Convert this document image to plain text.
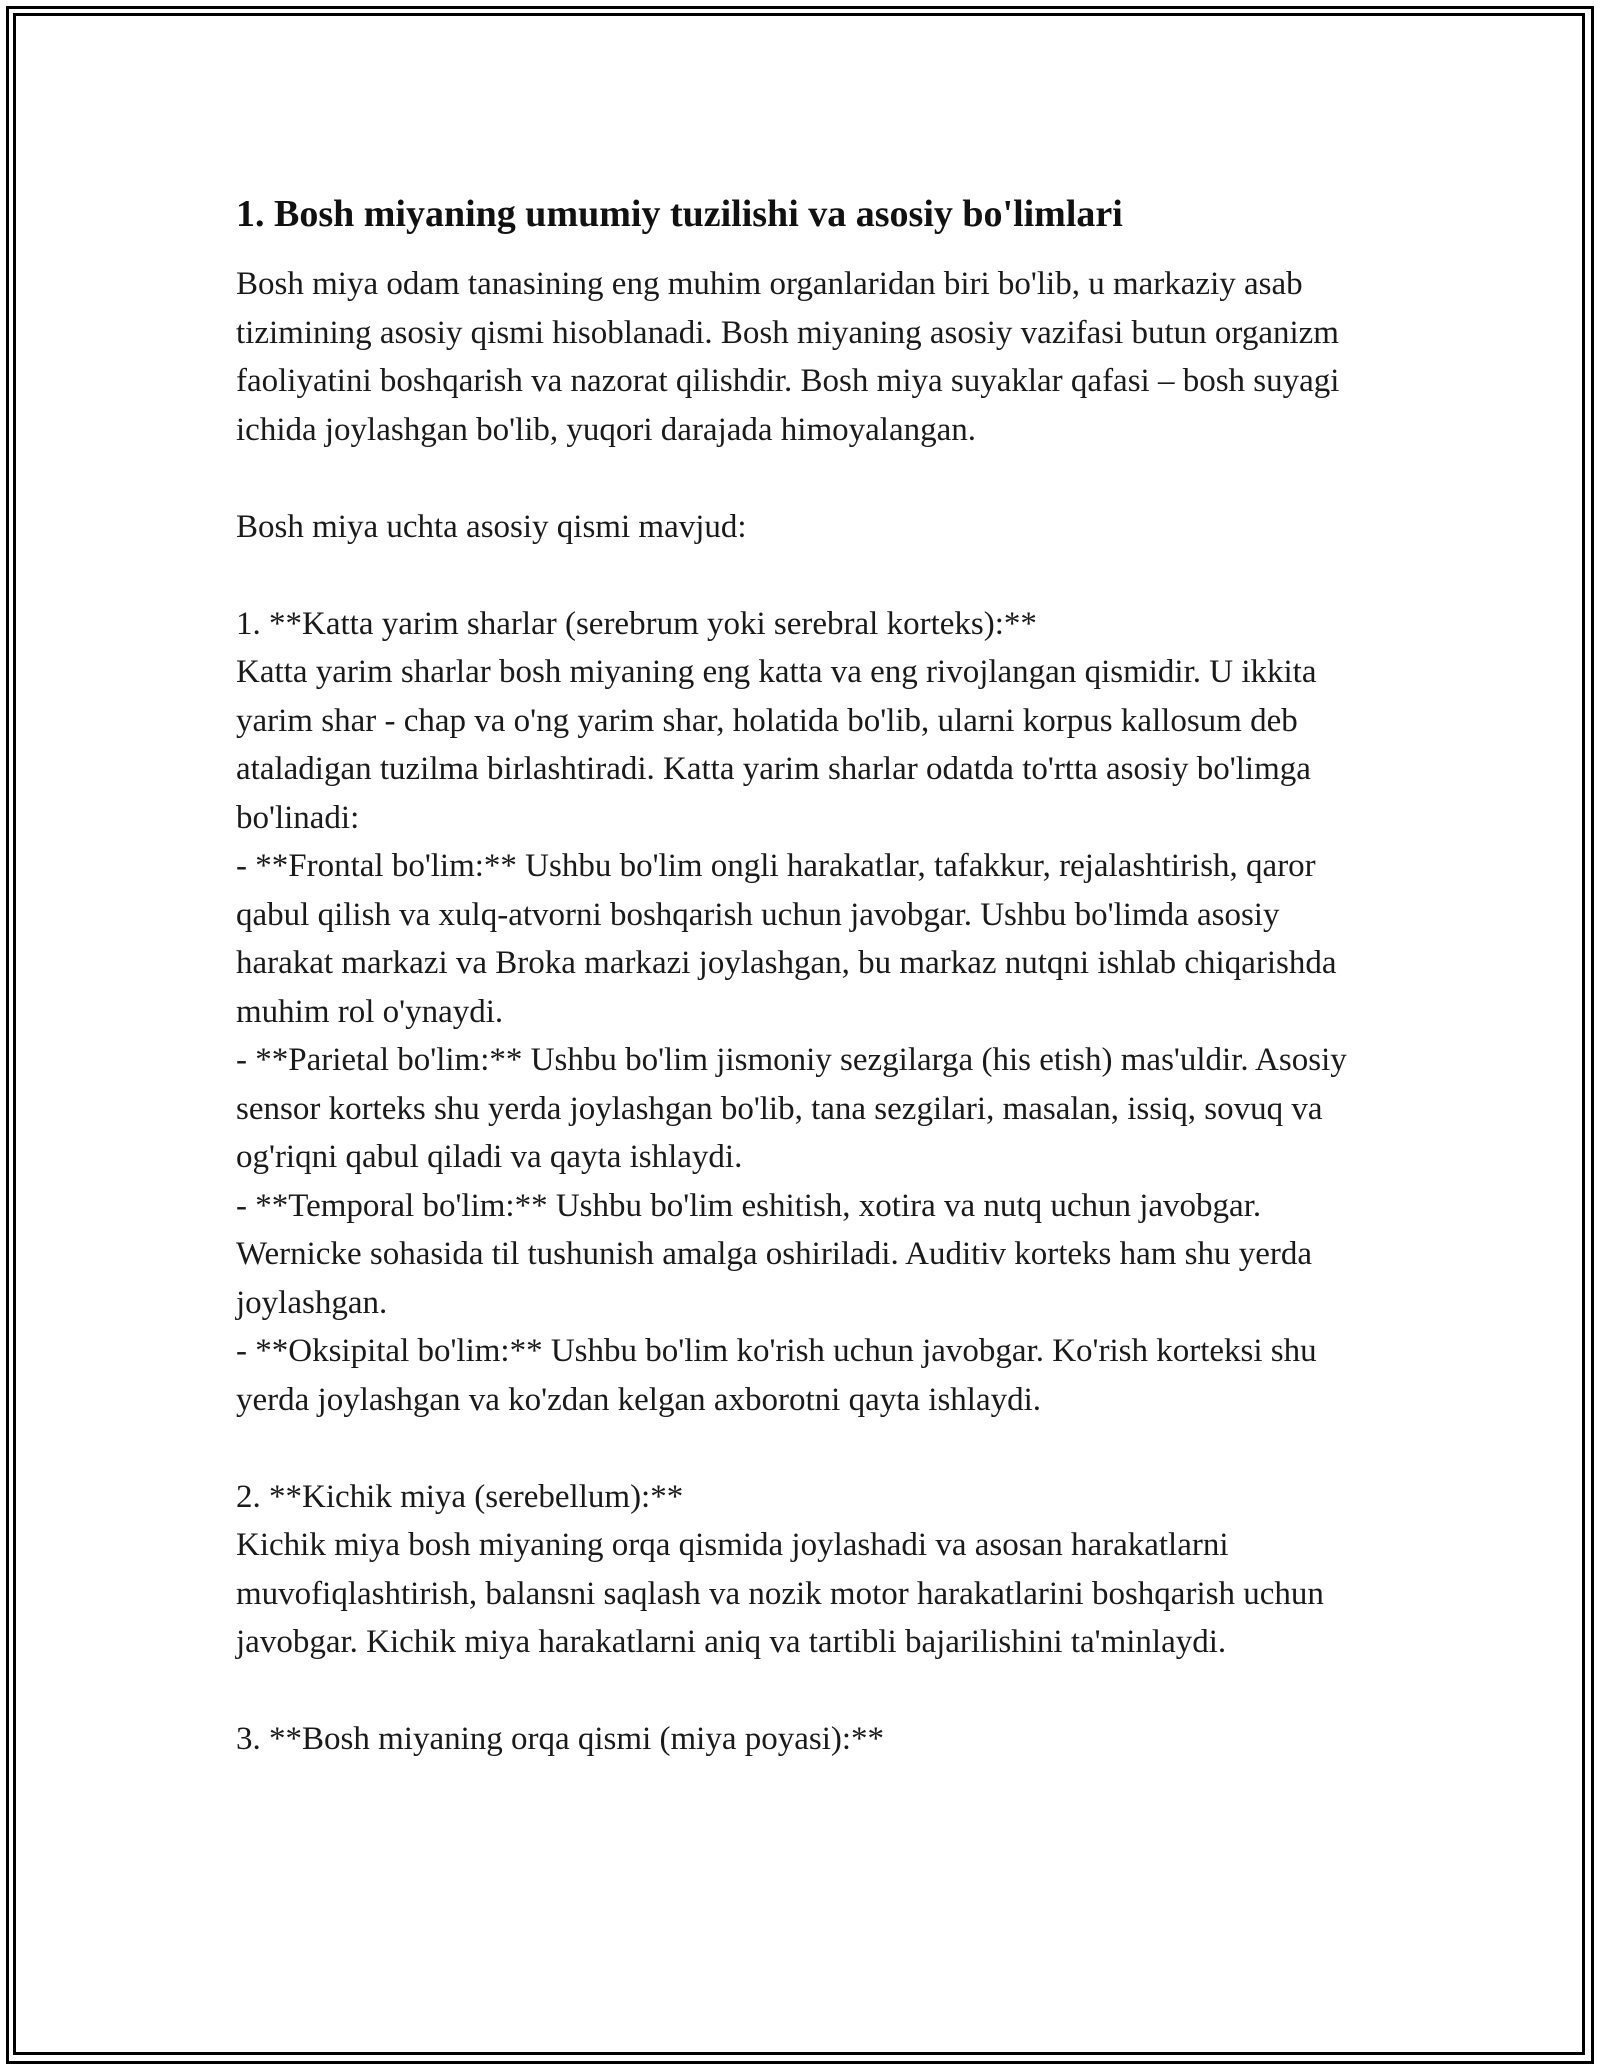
1. Bosh miyaning umumiy tuzilishi va asosiy bo'limlari

Bosh miya odam tanasining eng muhim organlaridan biri bo'lib, u markaziy asab tizimining asosiy qismi hisoblanadi. Bosh miyaning asosiy vazifasi butun organizm faoliyatini boshqarish va nazorat qilishdir. Bosh miya suyaklar qafasi – bosh suyagi ichida joylashgan bo'lib, yuqori darajada himoyalangan.

Bosh miya uchta asosiy qismi mavjud:

1. **Katta yarim sharlar (serebrum yoki serebral korteks):**

Katta yarim sharlar bosh miyaning eng katta va eng rivojlangan qismidir. U ikkita yarim shar - chap va o'ng yarim shar, holatida bo'lib, ularni korpus kallosum deb ataladigan tuzilma birlashtiradi. Katta yarim sharlar odatda to'rtta asosiy bo'limga bo'linadi:

- **Frontal bo'lim:** Ushbu bo'lim ongli harakatlar, tafakkur, rejalashtirish, qaror qabul qilish va xulq-atvorni boshqarish uchun javobgar. Ushbu bo'limda asosiy harakat markazi va Broka markazi joylashgan, bu markaz nutqni ishlab chiqarishda muhim rol o'ynaydi.

- **Parietal bo'lim:** Ushbu bo'lim jismoniy sezgilarga (his etish) mas'uldir. Asosiy sensor korteks shu yerda joylashgan bo'lib, tana sezgilari, masalan, issiq, sovuq va og'riqni qabul qiladi va qayta ishlaydi.

- **Temporal bo'lim:** Ushbu bo'lim eshitish, xotira va nutq uchun javobgar. Wernicke sohasida til tushunish amalga oshiriladi. Auditiv korteks ham shu yerda joylashgan.

- **Oksipital bo'lim:** Ushbu bo'lim ko'rish uchun javobgar. Ko'rish korteksi shu yerda joylashgan va ko'zdan kelgan axborotni qayta ishlaydi.

2. **Kichik miya (serebellum):**

Kichik miya bosh miyaning orqa qismida joylashadi va asosan harakatlarni muvofiqlashtirish, balansni saqlash va nozik motor harakatlarini boshqarish uchun javobgar. Kichik miya harakatlarni aniq va tartibli bajarilishini ta'minlaydi.

3. **Bosh miyaning orqa qismi (miya poyasi):**
